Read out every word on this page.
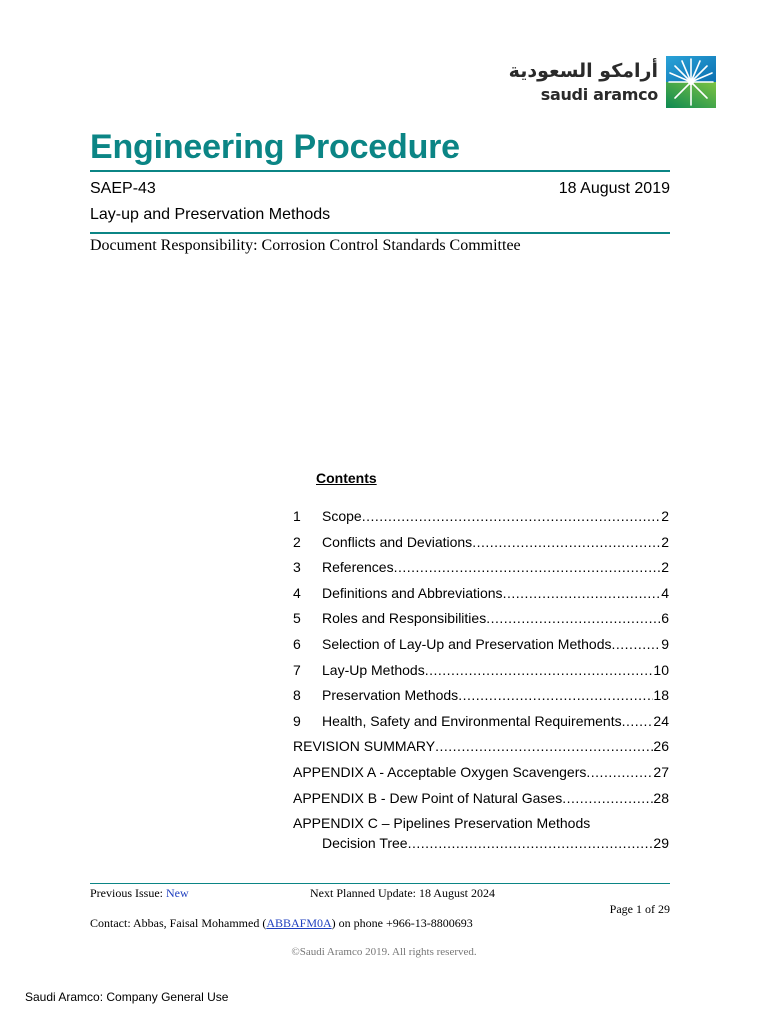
أرامكو السعودية
saudi aramco
Engineering Procedure
SAEP-43	18 August 2019
Lay-up and Preservation Methods
Document Responsibility: Corrosion Control Standards Committee
Contents
1	Scope .....	2
2	Conflicts and Deviations .....	2
3	References .....	2
4	Definitions and Abbreviations .....	4
5	Roles and Responsibilities .....	6
6	Selection of Lay-Up and Preservation Methods .....	9
7	Lay-Up Methods .....	10
8	Preservation Methods .....	18
9	Health, Safety and Environmental Requirements ..... 24
REVISION SUMMARY .....	26
APPENDIX A - Acceptable Oxygen Scavengers .....	27
APPENDIX B - Dew Point of Natural Gases .....	28
APPENDIX C – Pipelines Preservation Methods
Decision Tree .....	29
Previous Issue: New	Next Planned Update: 18 August 2024
Page 1 of 29
Contact: Abbas, Faisal Mohammed (ABBAFM0A) on phone +966-13-8800693
©Saudi Aramco 2019. All rights reserved.
Saudi Aramco: Company General Use
